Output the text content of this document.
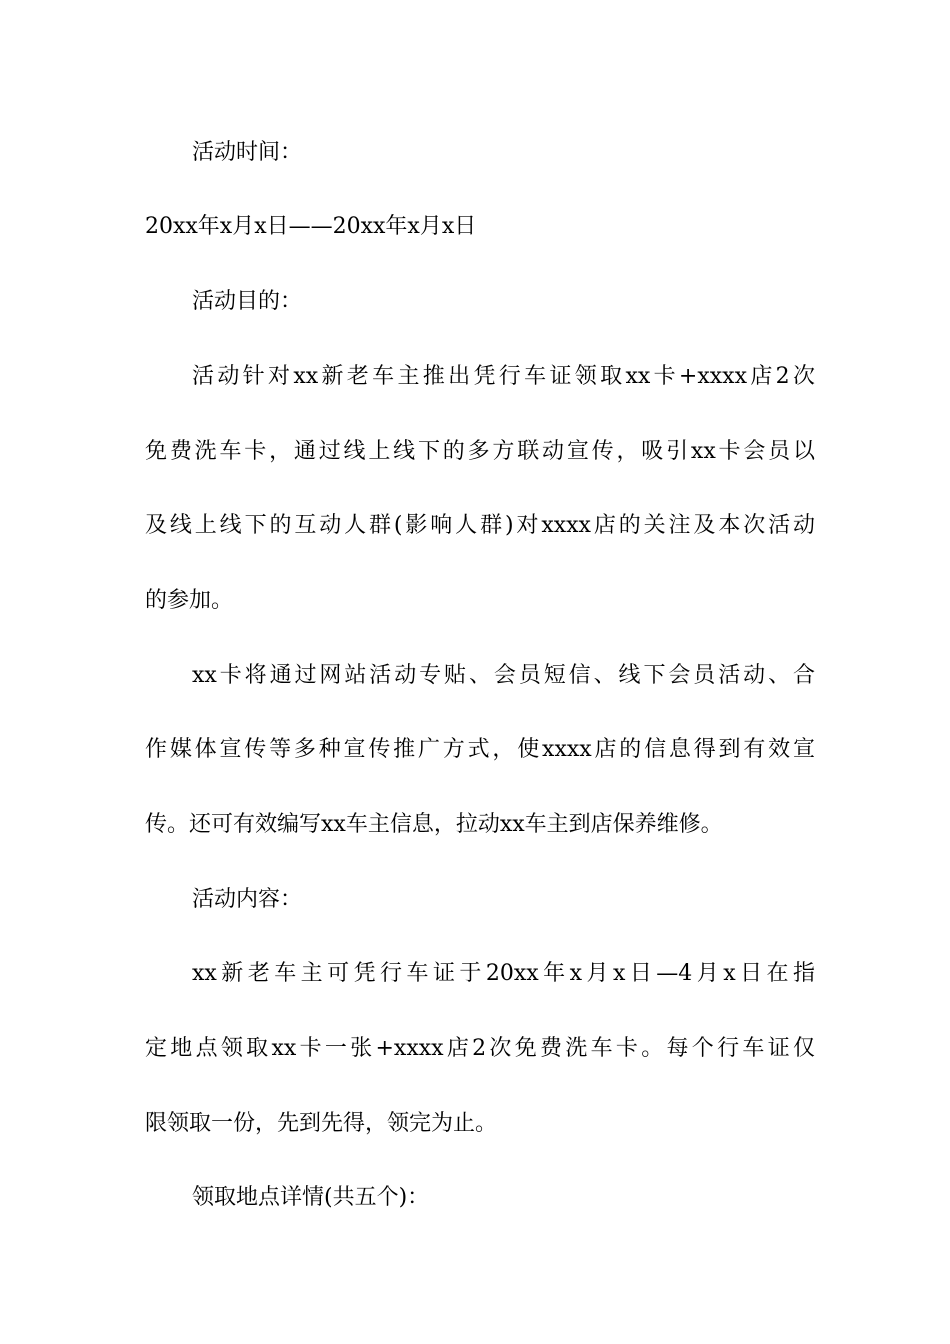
活动时间：
20xx年x月x日——20xx年x月x日
活动目的：
活动针对xx新老车主推出凭行车证领取xx卡+xxxx店2次
免费洗车卡，通过线上线下的多方联动宣传，吸引xx卡会员以
及线上线下的互动人群(影响人群)对xxxx店的关注及本次活动
的参加。
xx卡将通过网站活动专贴、会员短信、线下会员活动、合
作媒体宣传等多种宣传推广方式，使xxxx店的信息得到有效宣
传。还可有效编写xx车主信息，拉动xx车主到店保养维修。
活动内容：
xx新老车主可凭行车证于20xx年x月x日—4月x日在指
定地点领取xx卡一张+xxxx店2次免费洗车卡。每个行车证仅
限领取一份，先到先得，领完为止。
领取地点详情(共五个)：
